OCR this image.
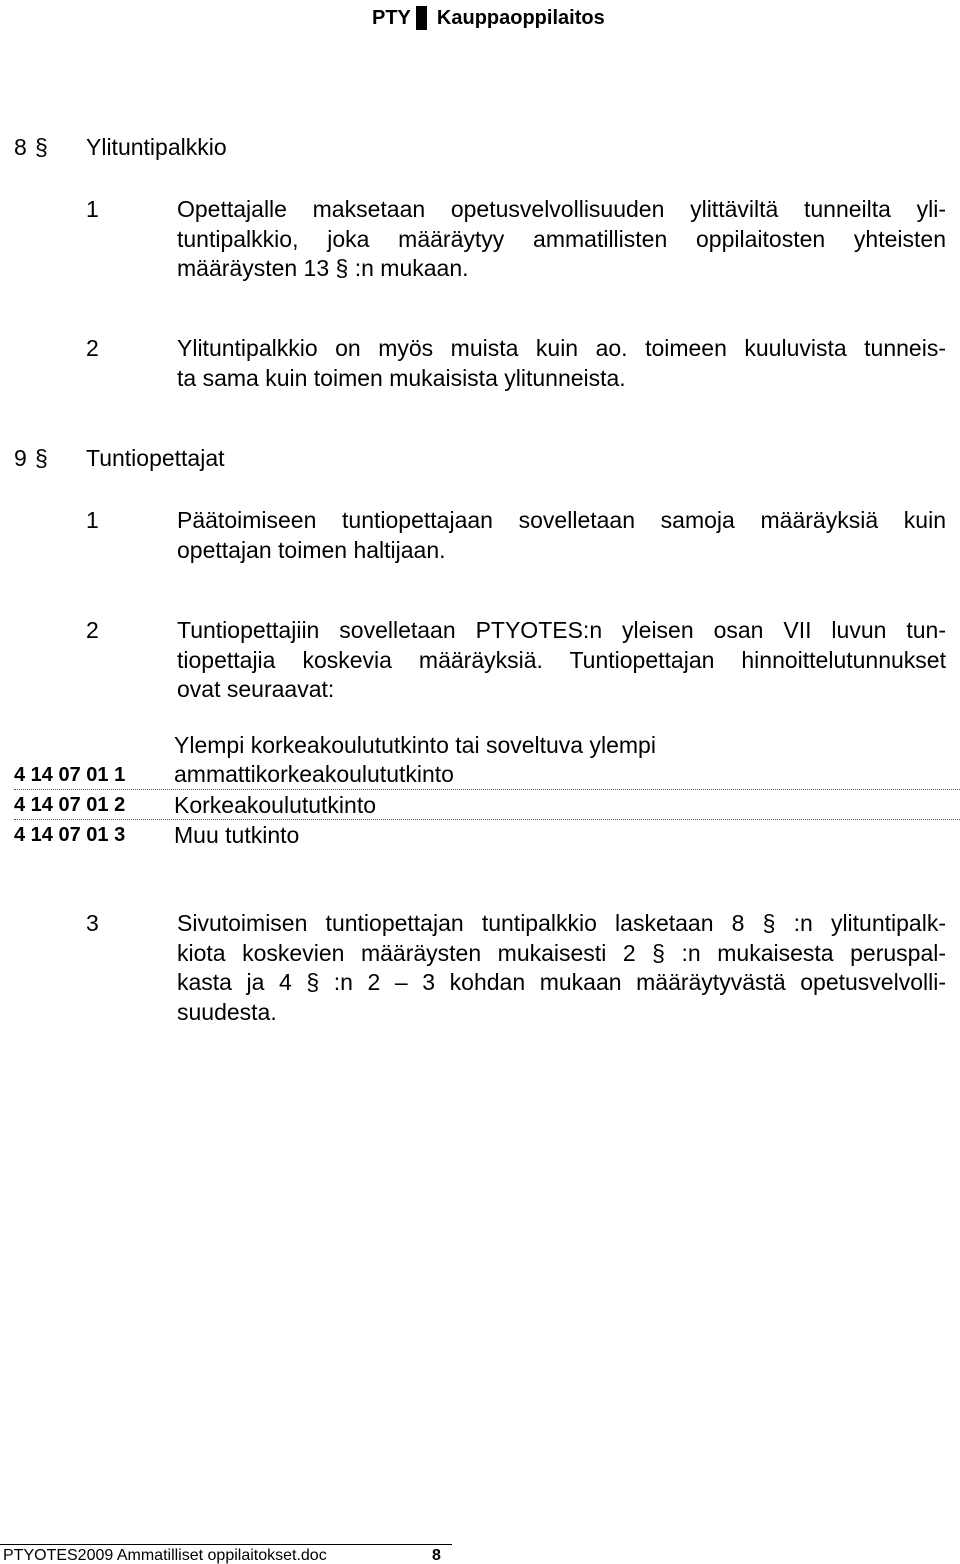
PTY Kauppaoppilaitos
8 § Ylituntipalkkio
1	Opettajalle maksetaan opetusvelvollisuuden ylittäviltä tunneilta yli-
tuntipalkkio, joka määräytyy ammatillisten oppilaitosten yhteisten
määräysten 13 § :n mukaan.
2	Ylituntipalkkio on myös muista kuin ao. toimeen kuuluvista tunneis-
ta sama kuin toimen mukaisista ylitunneista.
9 § Tuntiopettajat
1	Päätoimiseen tuntiopettajaan sovelletaan samoja määräyksiä kuin
opettajan toimen haltijaan.
2	Tuntiopettajiin sovelletaan PTYOTES:n yleisen osan VII luvun tun-
tiopettajia koskevia määräyksiä. Tuntiopettajan hinnoittelutunnukset
ovat seuraavat:
Ylempi korkeakoulututkinto tai soveltuva ylempi
4 14 07 01 1 ammattikorkeakoulututkinto
4 14 07 01 2 Korkeakoulututkinto
4 14 07 01 3 Muu tutkinto
3	Sivutoimisen tuntiopettajan tuntipalkkio lasketaan 8 § :n ylituntipalk-
kiota koskevien määräysten mukaisesti 2 § :n mukaisesta peruspal-
kasta ja 4 § :n 2 – 3 kohdan mukaan määräytyvästä opetusvelvolli-
suudesta.
PTYOTES2009 Ammatilliset oppilaitokset.doc	8
